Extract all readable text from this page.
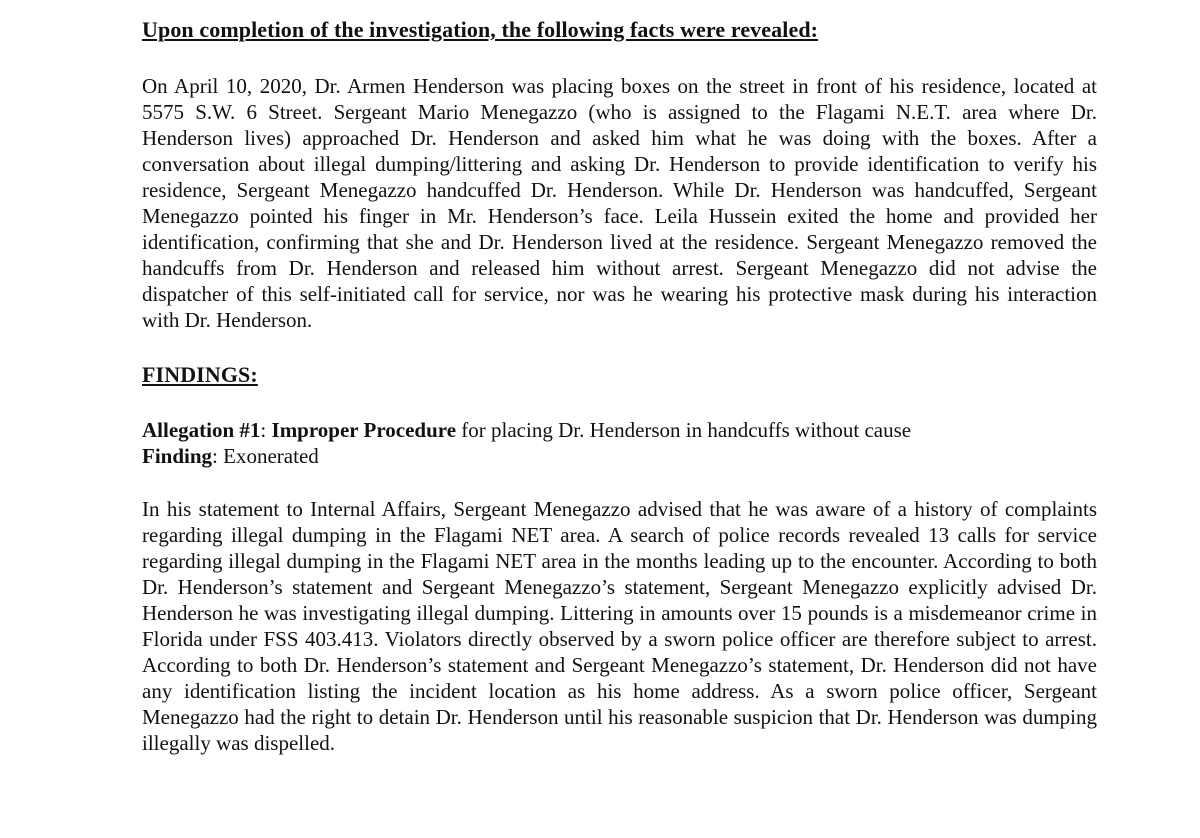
Upon completion of the investigation, the following facts were revealed:

On April 10, 2020, Dr. Armen Henderson was placing boxes on the street in front of his residence, located at 5575 S.W. 6 Street. Sergeant Mario Menegazzo (who is assigned to the Flagami N.E.T. area where Dr. Henderson lives) approached Dr. Henderson and asked him what he was doing with the boxes. After a conversation about illegal dumping/littering and asking Dr. Henderson to provide identification to verify his residence, Sergeant Menegazzo handcuffed Dr. Henderson. While Dr. Henderson was handcuffed, Sergeant Menegazzo pointed his finger in Mr. Henderson’s face. Leila Hussein exited the home and provided her identification, confirming that she and Dr. Henderson lived at the residence. Sergeant Menegazzo removed the handcuffs from Dr. Henderson and released him without arrest. Sergeant Menegazzo did not advise the dispatcher of this self-initiated call for service, nor was he wearing his protective mask during his interaction with Dr. Henderson.

FINDINGS:

Allegation #1: Improper Procedure for placing Dr. Henderson in handcuffs without cause
Finding: Exonerated

In his statement to Internal Affairs, Sergeant Menegazzo advised that he was aware of a history of complaints regarding illegal dumping in the Flagami NET area. A search of police records revealed 13 calls for service regarding illegal dumping in the Flagami NET area in the months leading up to the encounter. According to both Dr. Henderson’s statement and Sergeant Menegazzo’s statement, Sergeant Menegazzo explicitly advised Dr. Henderson he was investigating illegal dumping. Littering in amounts over 15 pounds is a misdemeanor crime in Florida under FSS 403.413. Violators directly observed by a sworn police officer are therefore subject to arrest. According to both Dr. Henderson’s statement and Sergeant Menegazzo’s statement, Dr. Henderson did not have any identification listing the incident location as his home address. As a sworn police officer, Sergeant Menegazzo had the right to detain Dr. Henderson until his reasonable suspicion that Dr. Henderson was dumping illegally was dispelled.
